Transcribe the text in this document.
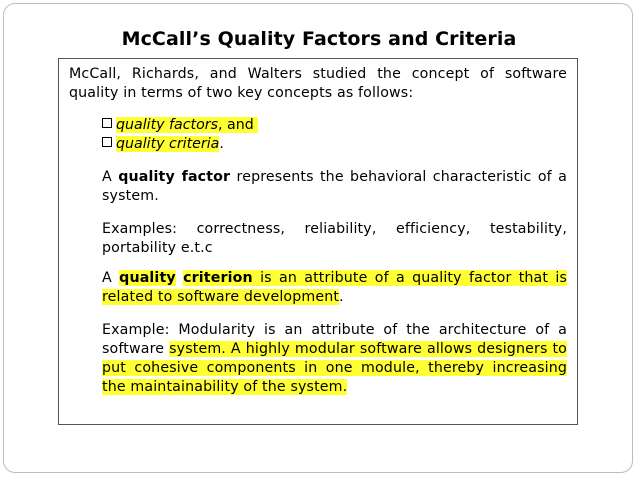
McCall’s Quality Factors and Criteria

McCall, Richards, and Walters studied the concept of software quality in terms of two key concepts as follows:

quality factors, and
quality criteria.

A quality factor represents the behavioral characteristic of a system.

Examples: correctness, reliability, efficiency, testability, portability e.t.c

A quality criterion is an attribute of a quality factor that is related to software development.

Example: Modularity is an attribute of the architecture of a software system. A highly modular software allows designers to put cohesive components in one module, thereby increasing the maintainability of the system.
